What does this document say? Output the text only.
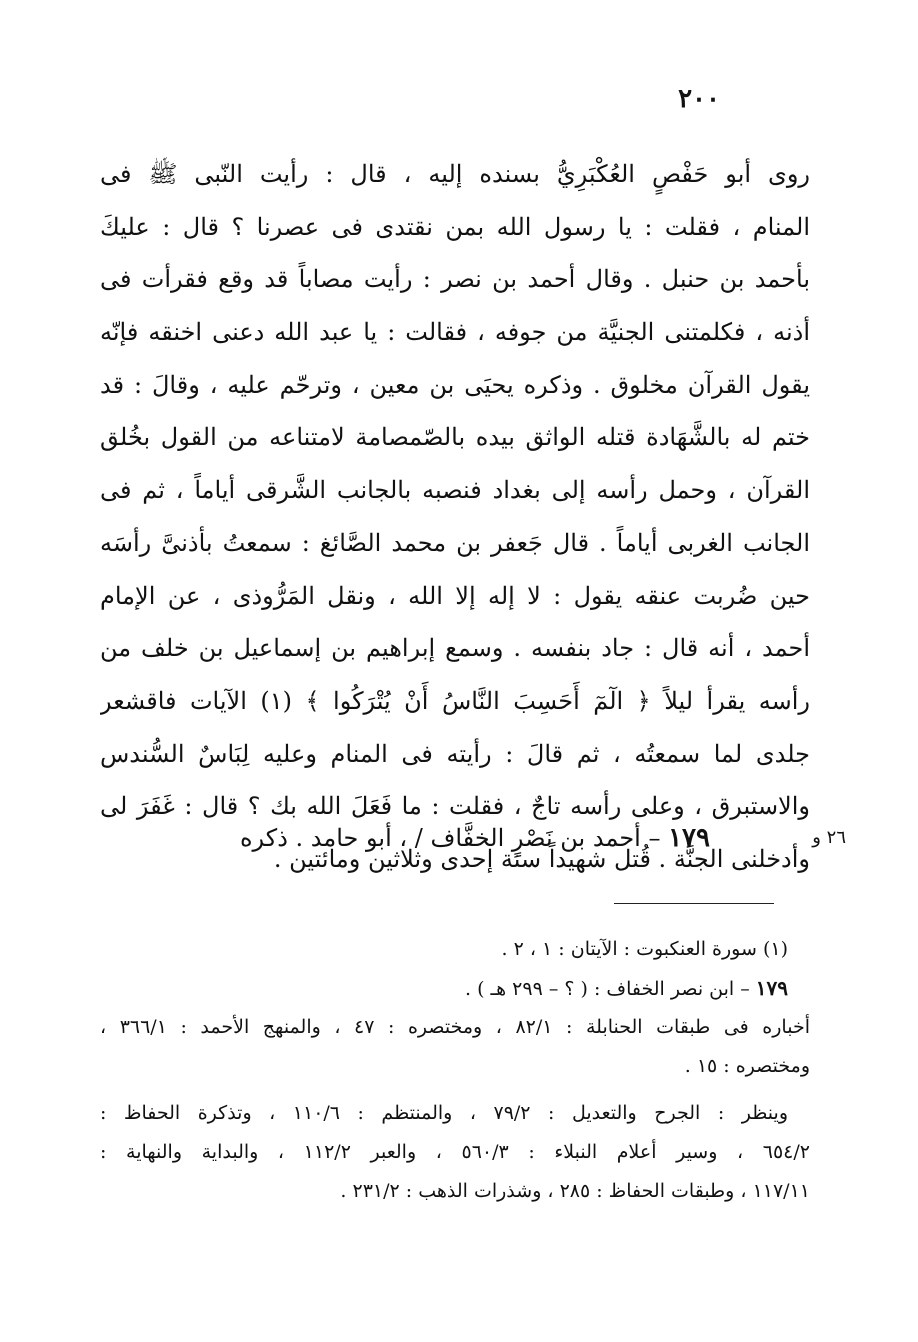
٢٠٠
روى أبو حَفْصٍ العُكْبَرِيُّ بسنده إليه ، قال : رأيت النّبى ﷺ فى
المنام ، فقلت : يا رسول الله بمن نقتدى فى عصرنا ؟ قال : عليكَ
بأحمد بن حنبل . وقال أحمد بن نصر : رأيت مصاباً قد وقع فقرأت فى
أذنه ، فكلمتنى الجنيَّة من جوفه ، فقالت : يا عبد الله دعنى اخنقه فإنّه
يقول القرآن مخلوق . وذكره يحيَى بن معين ، وترحّم عليه ، وقالَ : قد
ختم له بالشَّهَادة قتله الواثق بيده بالصّمصامة لامتناعه من القول بخُلق
القرآن ، وحمل رأسه إلى بغداد فنصبه بالجانب الشَّرقى أياماً ، ثم فى
الجانب الغربى أياماً . قال جَعفر بن محمد الصَّائغ : سمعتُ بأذنىَّ رأسَه
حين ضُربت عنقه يقول : لا إله إلا الله ، ونقل المَرُّوذى ، عن الإمام
أحمد ، أنه قال : جاد بنفسه . وسمع إبراهيم بن إسماعيل بن خلف من
رأسه يقرأ ليلاً ﴿ الٓمٓ أَحَسِبَ النَّاسُ أَنْ يُتْرَكُوا ﴾ (١) الآيات فاقشعر
جلدى لما سمعتُه ، ثم قالَ : رأيته فى المنام وعليه لِبَاسٌ السُّندس
والاستبرق ، وعلى رأسه تاجٌ ، فقلت : ما فَعَلَ الله بك ؟ قال : غَفَرَ لى
وأدخلنى الجنَّة . قُتل شهيداً سنة إحدى وثلاثين ومائتين .
١٧٩ – أحمد بن نَصْرٍ الخفَّاف / ، أبو حامد . ذكره	٢٦ و
(١) سورة العنكبوت : الآيتان : ١ ، ٢ .
١٧٩ – ابن نصر الخفاف : ( ؟ – ٢٩٩ هـ ) .
أخباره فى طبقات الحنابلة : ٨٢/١ ، ومختصره : ٤٧ ، والمنهج الأحمد : ٣٦٦/١ ،
ومختصره : ١٥ .
وينظر : الجرح والتعديل : ٧٩/٢ ، والمنتظم : ١١٠/٦ ، وتذكرة الحفاظ :
٦٥٤/٢ ، وسير أعلام النبلاء : ٥٦٠/٣ ، والعبر ١١٢/٢ ، والبداية والنهاية :
١١٧/١١ ، وطبقات الحفاظ : ٢٨٥ ، وشذرات الذهب : ٢٣١/٢ .
